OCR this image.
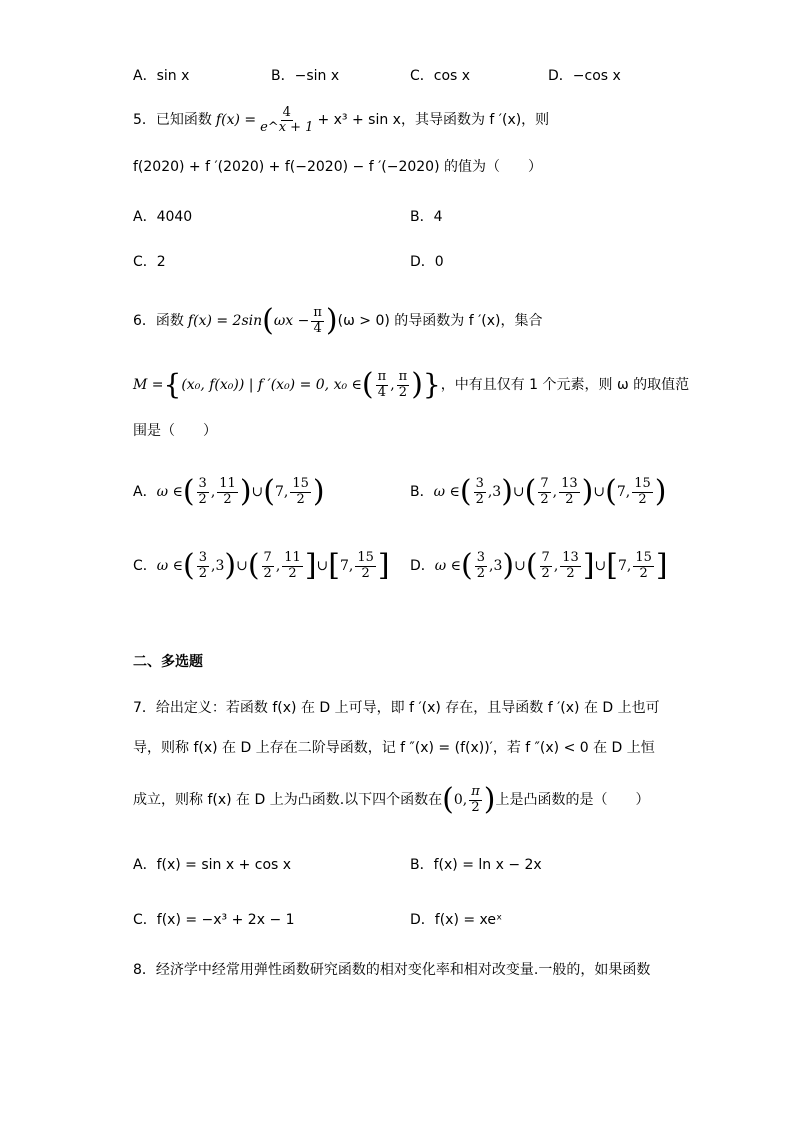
A．sin x	B．−sin x	C．cos x	D．−cos x
5．已知函数 $f(x) = \frac{4}{e\^{}x + 1} + x^3 + \sin x$，其导函数为 f ′(x)，则
f(2020) + f ′(2020) + f(−2020) − f ′(−2020) 的值为（　　）
A．4040	B．4
C．2	D．0
6．函数 f(x) = 2sin ( $\omega x - \frac{\pi}{4}$ ) (ω > 0) 的导函数为 f ′(x)，集合
M = { (x₀, f(x₀)) | f ′(x₀) = 0, x₀ ∈ ( $\frac{\pi}{4}$ , $\frac{\pi}{2}$ ) } ，中有且仅有 1 个元素，则 ω 的取值范
围是（　　）
A． ω ∈ ( $\frac{3}{2}$ , $\frac{11}{2}$ ) ∪ ( 7, $\frac{15}{2}$ )	B． ω ∈ ( $\frac{3}{2} ,3$ ) ∪ ( $\frac{7}{2}$ , $\frac{13}{2}$ ) ∪ ( 7, $\frac{15}{2}$ )
C． ω ∈ ( $\frac{3}{2} ,3$ ) ∪ ( $\frac{7}{2}$ , $\frac{11}{2}$ ] ∪ [ 7, $\frac{15}{2}$ ] D． ω ∈ ( $\frac{3}{2} ,3$ ) ∪ ( $\frac{7}{2}$ , $\frac{13}{2}$ ] ∪ [ 7, $\frac{15}{2}$ ]
二、多选题
7．给出定义：若函数 f(x) 在 D 上可导，即 f ′(x) 存在，且导函数 f ′(x) 在 D 上也可
导，则称 f(x) 在 D 上存在二阶导函数，记 f ″(x) = (f(x))′，若 f ″(x) < 0 在 D 上恒
成立，则称 f(x) 在 D 上为凸函数.以下四个函数在 ( 0, $\frac{\pi}{2}$ ) 上是凸函数的是（　　）
A．f(x) = sin x + cos x	B．f(x) = ln x − 2x
C．f(x) = −x³ + 2x − 1	D．f(x) = xeˣ
8．经济学中经常用弹性函数研究函数的相对变化率和相对改变量.一般的，如果函数
